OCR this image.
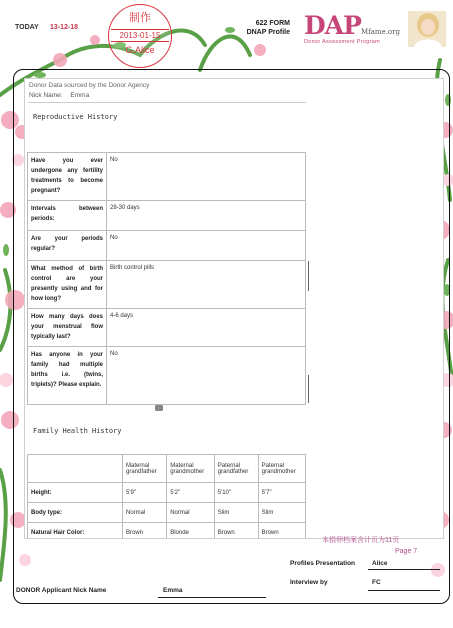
TODAY 13-12-18
制作
2013-01-15
G.Alice
622 FORM
DNAP Profile DAP Mfame.org
Donor Assessment Program
Donor Data sourced by the Donor Agency
Nick Name: Emma
Reproductive History
Have you ever undergone any fertility treatments to become pregnant?	No
Intervals between periods:	28-30 days
Are your periods regular?	No
What method of birth control are your presently using and for how long?	Birth control pills
How many days does your menstrual flow typically last?	4-6 days
Has anyone in your family had multiple births i.e. (twins, triplets)? Please explain.	No
Family Health History
	Maternal grandfather	Maternal grandmother	Paternal grandfather	Paternal grandmother
Height:	5'9"	5'2"	5'10"	5'7"
Body type:	Normal	Normal	Slim	Slim
Natural Hair Color:	Brown	Blonde	Brown	Brown
本捐卵档案含计页为11页
Page 7
Profiles Presentation	Alice
Interview by	FC
DONOR Applicant Nick Name	Emma
